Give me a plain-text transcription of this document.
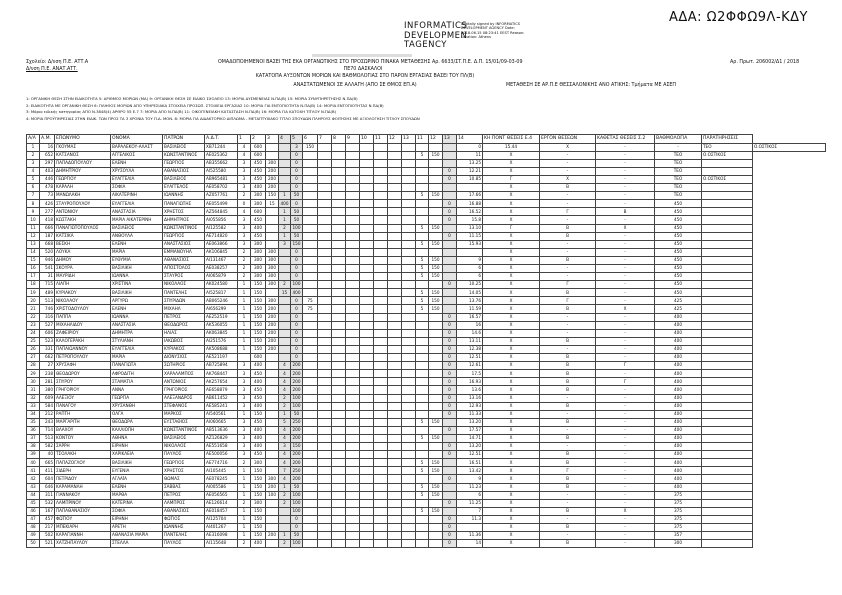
ΑΔΑ: Ω2ΦΦΩ9Λ-ΚΔΥ
INFORMATICS
DEVELOPMEN
TAGENCY
Digitally signed by INFORMATICS DEVELOPMENT AGENCY Date: 2018.06.15 08:23:41 EEST Reason: Location: Athens
Σχολείο: Δ/νση Π.Ε. ΑΤΤ.Α
Δ/νση Π.Ε. ΑΝΑΤ.ΑΤΤ.
ΟΜΑΔΟΠΟΙΗΜΕΝΟΙ ΒΑΣΕΙ ΤΗΣ ΕΚΑ ΟΡΓΑΝΩΤΙΚΗΣ ΣΤΟ ΠΡΟΣΩΡΙΝΟ ΠΙΝΑΚΑ ΜΕΤΑΘΕΣΗΣ Αρ. 6633/ΣΤ.Π.Ε. Δ.Π. 15/01/09-03-09	Αρ. Πρωτ. 206002/Δ1 / 2018
ΠΕ70 ΔΑΣΚΑΛΟΙ
ΚΑΤΑΤΟΠΑ ΑΥΞΟΝΤΩΝ ΜΟΡΙΩΝ ΚΑΙ ΒΑΘΜΟΛΟΓΙΑΣ ΣΤΟ ΠΑΡΟΝ ΕΡΓΑΣΙΑΣ ΒΑΣΕΙ ΤΟΥ ΠΛ(Β)
ΑΝΑΣΤΑΤΩΜΕΝΟΙ ΣΕ ΑΛΛΑΓΗ (ΑΠΟ ΣΕ ΘΜΟΣ ΕΠ.Α)	ΜΕΤΑΘΕΣΗ ΣΕ ΑΡ.Π.Ε ΘΕΣΣΑΛΟΝΙΚΗΣ ΑΝΟ ΑΤΙΚΗΣ: Τμήματα ΜΕ ΑΣΕΠ
1: ΟΡΓΑΝΙΚΗ ΘΕΣΗ ΣΤΗΝ ΕΙΔΙΚΟΤΗΤΑ 5: ΑΡΙΘΜΟΣ ΜΟΡΙΩΝ (ΜΑ) 9: ΟΡΓΑΝΙΚΗ ΘΕΣΗ ΣΕ ΕΙΔΙΚΟ ΣΧΟΛΕΙΟ 13: ΜΟΡΙΑ ΔΥΣΜΕΝΕΙΑΣ Ν.ΠΔ(Β) 15: ΜΟΡΙΑ ΣΥΝΥΠΗΡΕΤΗΣΗΣ Ν.ΠΔ(Β)
2: ΕΙΔΙΚΟΤΗΤΑ ΜΕ ΟΡΓΑΝΙΚΗ ΘΕΣΗ 6: ΠΛΗΘΟΣ ΜΟΡΙΩΝ ΑΠΟ ΥΠΗΡΕΣΙΑΚΑ ΣΤΟΙΧΕΙΑ ΠΡΟΣΩΠ. ΣΤΟΙΧΕΙΑ ΕΡΓΑΣΙΑΣ 10: ΜΟΡΙΑ ΓΙΑ ΕΝΤΟΠΙΟΤΗΤΑ Ν.ΠΔ(Β) 14: ΜΟΡΙΑ ΕΝΤΟΠΙΟΤΗΤΑΣ Ν.ΠΔ(Β)
3: Μόριο ειδικής κατηγορίας ΑΠΟ Ν.3848(4) ΑΡΘΡΟ 55 Ε.7 7: ΜΟΡΙΑ ΑΠΟ Ν.ΠΔ(Β) 11: ΟΙΚΟΓΕΝΕΙΑΚΗ ΚΑΤΑΣΤΑΣΗ Ν.ΠΔ(Β) 16: ΜΟΡΙΑ ΓΙΑ ΚΑΤΟΧΗ ΤΙΤΛΟΥ Ν.ΠΔ(Β)
4: ΜΟΡΙΑ ΠΡΟΫΠΗΡΕΣΙΑΣ ΣΤΗΝ ΕΙΔΙΚ. ΤΩΝ ΠΡΟΣ ΤΑ 3 ΧΡΟΝΙΑ ΤΟΥ Π.Δ. ΜΟΝ. 8: ΜΟΡΙΑ ΓΙΑ ΔΙΔΑΚΤΟΡΙΚΟ ΔΙΠΛΩΜΑ - ΜΕΤΑΠΤΥΧΙΑΚΟ ΤΙΤΛΟ ΣΠΟΥΔΩΝ ΠΛΗΡΟΥΣ ΦΟΙΤΗΣΗΣ ΜΕ ΑΞΙΟΛΟΓΗΣΗ ΤΙΤΛΟΥ ΣΠΟΥΔΩΝ
Α/Α	Α.Μ.	ΕΠΩΝΥΜΟ	ΟΝΟΜΑ	ΠΑΤΡΩΝ	Α.Δ.Τ.	1	2	3	4	5	6	7	8	9	10	11	12	13	11	12	13	14	ΚΗ ΠΟΝΤ ΘΕΣΕΙΣ Ε.4	ΕΡΓΟΝ ΘΕΣΕΩΝ	ΚΑΘΕΤΑΣ ΘΕΣΕΙΣ Σ.2	ΒΑΘΜΟΛΟΓΙΑ	ΠΑΡΑΤΗΡΗΣΕΙΣ	
1	16	ΓΚΟΥΜΑΣ	ΒΑΡΑΛΕΚΟΥ-ΑΛΑΣΤ	ΒΑΣΙΛΕΙΟΣ	ΧΒ71244	4	600			3	150											0	15.44	Χ	-	-	ΤΕΟ	Ο.ΟΣΤΙΚΟΣ
2	652	ΚΑΤΣΑΝΟΣ	ΑΓΓΕΛΙΚΟΣ	ΚΩΝΣΤΑΝΤΙΝΟΣ	ΑΕ025362	4	600			0									5	150		11	Χ	-	-	ΤΕΟ	Ο.ΟΣΤΙΚΟΣ	
3	297	ΠΑΠΑΔΟΠΟΥΛΟΥ	ΕΛΕΝΗ	ΓΕΩΡΓΙΟΣ	ΑΒ355662	3	450	300		0												13.25	Χ	-	-	ΤΕΟ		
4	403	ΔΗΜΗΤΡΙΟΥ	ΧΡΥΣΟΥΛΑ	ΑΘΑΝΑΣΙΟΣ	ΑΙ525580	3	450	200		0											0	12.21	Χ	-	-	ΤΕΟ		
5	446	ΓΕΩΡΓΙΟΥ	ΕΥΑΓΓΕΛΙΑ	ΒΑΣΙΛΕΙΟΣ	ΑΒ965481	3	450	200		0											0	10.85	Γ	Χ	-	ΤΕΟ	Ο.ΟΣΤΙΚΟΣ	
6	478	ΚΑΡΑΛΗ	ΣΟΦΙΑ	ΕΥΑΓΓΕΛΟΣ	ΑΕ058702	3	400	200		0													Χ	Β	-	ΤΕΟ		
7	73	ΜΑΝΩΛΑΚΗ	ΑΙΚΑΤΕΡΙΝΗ	ΙΩΑΝΝΗΣ	ΑΖ057761	2	300	150	1	50									5	150		17.66	Χ	-	-	ΤΕΟ		
8	426	ΣΤΑΥΡΟΠΟΥΛΟΥ	ΕΥΑΓΓΕΛΙΑ	ΠΑΝΑΓΙΩΤΗΣ	ΑΕ055499	0	300	15	400	0											0	16.88	Χ	-	-	450		
9	277	ΑΝΤΩΝΙΟΥ	ΑΝΑΣΤΑΣΙΑ	ΧΡΗΣΤΟΣ	ΑΖ564845	4	600		1	50											0	16.52	Χ	Γ	Β	450		
10	418	ΚΩΣΤΑΚΗ	ΜΑΡΙΑ ΑΙΚΑΤΕΡΙΝΗ	ΔΗΜΗΤΡΙΟΣ	ΑΙ055856	3	450		1	50											0	15.8	Χ	-	-	450		
11	666	ΠΑΝΑΓΙΩΤΟΠΟΥΛΟΣ	ΒΑΣΙΛΕΙΟΣ	ΚΩΝΣΤΑΝΤΙΝΟΣ	ΑΙ125582	3	400		2	100									5	150		13.10	Γ	Β	Χ	450		
12	187	ΚΑΤΣΙΚΑ	ΑΝΘΟΥΛΑ	ΓΕΩΡΓΙΟΣ	ΑΕ714820	3	450		1	50											0	11.15	Χ	Β	-	450		
13	668	ΒΕΣΚΗ	ΕΛΕΝΗ	ΑΝΑΣΤΑΣΙΟΣ	ΑΕ063866	3	300		3	150									5	150		15.93	Χ	-	-	450		
14	520	ΛΟΥΚΑ	ΜΑΡΙΑ	ΕΜΜΑΝΟΥΗΛ	ΑΚ106845	2	300	300		0													Χ	-	-	450		
15	946	ΔΗΜΟΥ	ΕΥΘΥΜΙΑ	ΑΘΑΝΑΣΙΟΣ	ΑΙ131467	2	300	300		0									5	150		9	Χ	Β	-	450		
16	541	ΣΚΟΥΡΑ	ΒΑΣΙΛΙΚΗ	ΑΠΟΣΤΟΛΟΣ	ΑΕ038257	2	300	300		0									5	150		6	Χ	-	-	450		
17	31	ΜΑΥΡΙΔΗ	ΙΩΑΝΝΑ	ΣΤΑΥΡΟΣ	ΑΙ065879	2	300	300		0									5	150		6	Χ	-	-	450		
18	715	ΛΙΑΠΗ	ΧΡΙΣΤΙΝΑ	ΝΙΚΟΛΑΟΣ	ΑΚ024580	1	150	300	2	100											0	10.25	Χ	Γ	-	450		
19	489	ΚΥΡΙΑΚΟΥ	ΒΑΣΙΛΙΚΗ	ΠΑΝΤΕΛΗΣ	ΑΙ525817	1	150		15	400									5	150		14.05	Χ	Β	-	450		
20	513	ΝΙΚΟΛΑΟΥ	ΑΡΓΥΡΩ	ΣΠΥΡΙΔΩΝ	ΑΒ065246	1	150	300		0	75								5	150		13.76	Χ	Γ	-	425		
21	746	ΧΡΙΣΤΟΔΟΥΛΟΥ	ΕΛΕΝΗ	ΜΙΧΑΗΛ	ΑΙ656299	1	150	200		0	75								5	150		11.59	Χ	Β	Χ	425		
22	316	ΠΑΠΠΑ	ΙΩΑΝΝΑ	ΠΕΤΡΟΣ	ΑΕ252519	1	150	200		0											0	16.57	Χ	-	-	400		
23	527	ΜΙΧΑΗΛΙΔΟΥ	ΑΝΑΣΤΑΣΙΑ	ΘΕΟΔΩΡΟΣ	ΑΚ536055	1	150	200		0											0	16	Χ	-	-	400		
24	606	ΖΑΦΕΙΡΙΟΥ	ΔΗΜΗΤΡΑ	ΗΛΙΑΣ	ΑΚ063845	1	150	200		0											0	14.6	Χ	-	-	400		
25	523	ΚΑΛΟΓΕΡΑΚΗ	ΣΤΥΛΙΑΝΗ	ΙΑΚΩΒΟΣ	ΑΙ251576	1	150	200		0											0	13.11	Χ	Β	-	400		
26	331	ΠΑΠΑΙΩΑΝΝΟΥ	ΕΥΑΓΓΕΛΙΑ	ΚΥΡΙΑΚΟΣ	ΑΚ508688	1	150	200		0											0	12.38	Χ	-	-	400		
27	662	ΠΕΤΡΟΠΟΥΛΟΥ	ΜΑΡΙΑ	ΔΙΟΝΥΣΙΟΣ	ΑΕ521197		600			0											0	12.51	Χ	Β	-	400		
28	27	ΧΡΥΣΑΦΗ	ΠΑΝΑΓΙΩΤΑ	ΣΩΤΗΡΙΟΣ	ΑΒ725894	3	400		4	200											0	12.61	Χ	Β	Γ	400		
29	238	ΘΕΟΔΩΡΟΥ	ΑΦΡΟΔΙΤΗ	ΧΑΡΑΛΑΜΠΟΣ	ΑΚ768447	3	450		4	200											0	17.5	Χ	Β	-	400		
30	281	ΣΠΥΡΟΥ	ΣΤΑΜΑΤΙΑ	ΑΝΤΩΝΙΟΣ	ΑΚ257654	3	400		4	200											0	16.93	Χ	Β	Γ	400		
31	380	ΓΡΗΓΟΡΙΟΥ	ΑΝΝΑ	ΓΡΗΓΟΡΙΟΣ	ΑΕ658879	3	450		4	200											0	13.6	Χ	Β	-	400		
32	609	ΑΛΕΞΙΟΥ	ΓΕΩΡΓΙΑ	ΑΛΕΞΑΝΔΡΟΣ	ΑΒ611452	3	450		2	100											0	13.16	Χ	-	-	400		
33	584	ΠΑΝΑΓΟΥ	ΧΡΥΣΑΝΘΗ	ΣΤΕΦΑΝΟΣ	ΑΕ585241	3	400		2	100											0	12.93	Χ	Β	-	400		
34	212	ΡΑΠΤΗ	ΟΛΓΑ	ΜΑΡΚΟΣ	ΑΙ540561	1	150		1	50											0	11.33	Χ	-	-	400		
35	243	ΜΑΡΓΑΡΙΤΗ	ΘΕΟΔΩΡΑ	ΕΥΣΤΑΘΙΟΣ	ΑΙ060665	3	450		5	250									5	150		13.20	Χ	Β	-	400		
36	714	ΒΛΑΧΟΥ	ΚΑΛΛΙΟΠΗ	ΚΩΝΣΤΑΝΤΙΝΟΣ	ΑΒ513636	3	400		4	200											0	17.57	Χ	-	-	400		
37	513	ΚΟΝΤΟΥ	ΑΘΗΝΑ	ΒΑΣΙΛΕΙΟΣ	ΑΖ126829	3	400		4	200									5	150		14.71	Χ	Β	-	400		
38	582	ΣΑΡΡΗ	ΕΙΡΗΝΗ	ΝΙΚΟΛΑΟΣ	ΑΕ551658	3	400		3	150											0	13.20	Χ	-	-	400		
39	40	ΤΣΟΛΑΚΗ	ΧΑΡΙΚΛΕΙΑ	ΠΑΥΛΟΣ	ΑΕ500056	3	450		4	200											0	12.51	Χ	Β	-	400		
40	665	ΠΑΠΑΖΟΓΛΟΥ	ΒΑΣΙΛΙΚΗ	ΓΕΩΡΓΙΟΣ	ΑΕ774716	2	300		4	200									5	150		16.51	Χ	Β	-	400		
41	411	ΣΙΔΕΡΗ	ΕΥΓΕΝΙΑ	ΧΡΗΣΤΟΣ	ΑΙ105445	1	150		7	250									5	150		13.42	Χ	Γ	-	400		
42	604	ΠΕΤΡΙΔΟΥ	ΑΓΛΑΪΑ	ΘΩΜΑΣ	ΑΕ078245	1	150	300	4	200											0	9	Χ	Β	-	400		
43	646	ΚΑΡΑΜΑΝΛΗ	ΕΛΕΝΗ	ΣΑΒΒΑΣ	ΑΙ005586	1	150	200	1	50									5	150		11.23	Χ	Β	-	400		
44	311	ΓΙΑΝΝΑΚΟΥ	ΜΑΡΘΑ	ΠΕΤΡΟΣ	ΑΕ056565	1	150	100	2	100									5	150		6	Χ	-	-	375		
45	532	ΛΑΜΠΡΙΝΟΥ	ΚΑΤΕΡΙΝΑ	ΛΑΜΠΡΟΣ	ΑΕ126614	2	300		2	100											0	11.25	Χ	-	-	375		
46	167	ΠΑΠΑΘΑΝΑΣΙΟΥ	ΣΟΦΙΑ	ΑΘΑΝΑΣΙΟΣ	ΑΕ018457	1	150			100									5	150		7	Χ	Β	Χ	375		
47	457	ΦΩΤΙΟΥ	ΕΙΡΗΝΗ	ΦΩΤΙΟΣ	ΑΙ125704	1	150			0											0	11.3	Χ	-	-	375		
48	217	ΜΠΕΚΙΑΡΗ	ΑΡΕΤΗ	ΙΩΑΝΝΗΣ	ΑΙ401267	1	150			0											0		Χ	Β	-	375		
49	502	ΚΑΡΑΓΙΑΝΝΗ	ΑΘΑΝΑΣΙΑ ΜΑΡΙΑ	ΠΑΝΤΕΛΗΣ	ΑΕ316098	1	150	200	1	50											0	11.36	Χ	-	-	357		
50	521	ΧΑΤΖΗΠΑΥΛΟΥ	ΣΤΕΛΛΑ	ΠΑΥΛΟΣ	ΑΙ115648	2	400		2	100											0	14	Χ	Β	-	300		
